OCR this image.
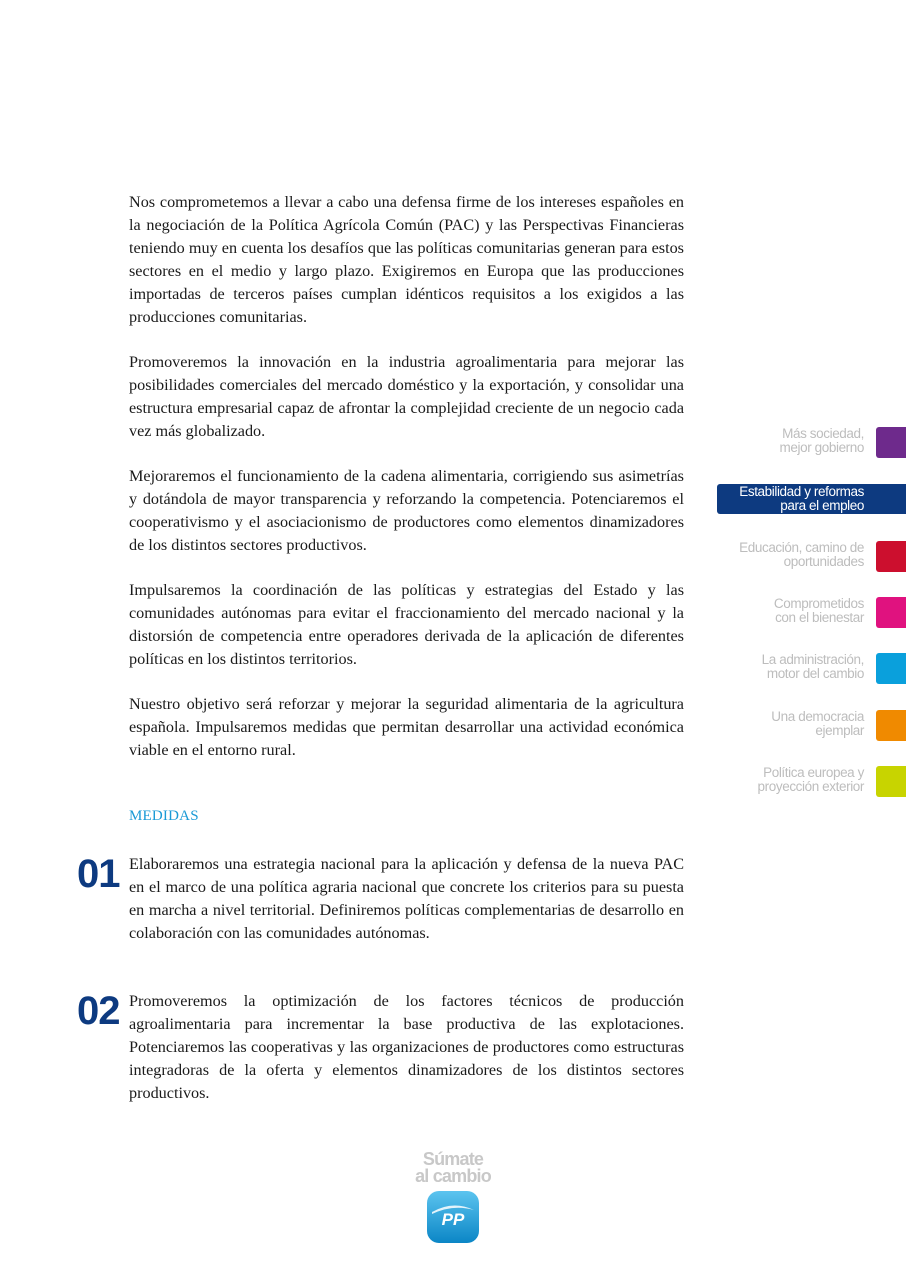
Nos comprometemos a llevar a cabo una defensa firme de los intereses españoles en la negociación de la Política Agrícola Común (PAC) y las Perspectivas Financieras teniendo muy en cuenta los desafíos que las políticas comunitarias generan para estos sectores en el medio y largo plazo. Exigiremos en Europa que las producciones importadas de terceros países cumplan idénticos requisitos a los exigidos a las producciones comunitarias.

Promoveremos la innovación en la industria agroalimentaria para mejorar las posibilidades comerciales del mercado doméstico y la exportación, y consolidar una estructura empresarial capaz de afrontar la complejidad creciente de un negocio cada vez más globalizado.

Mejoraremos el funcionamiento de la cadena alimentaria, corrigiendo sus asimetrías y dotándola de mayor transparencia y reforzando la competencia. Potenciaremos el cooperativismo y el asociacionismo de productores como elementos dinamizadores de los distintos sectores productivos.

Impulsaremos la coordinación de las políticas y estrategias del Estado y las comunidades autónomas para evitar el fraccionamiento del mercado nacional y la distorsión de competencia entre operadores derivada de la aplicación de diferentes políticas en los distintos territorios.

Nuestro objetivo será reforzar y mejorar la seguridad alimentaria de la agricultura española. Impulsaremos medidas que permitan desarrollar una actividad económica viable en el entorno rural.

MEDIDAS
01 Elaboraremos una estrategia nacional para la aplicación y defensa de la nueva PAC en el marco de una política agraria nacional que concrete los criterios para su puesta en marcha a nivel territorial. Definiremos políticas complementarias de desarrollo en colaboración con las comunidades autónomas.

02 Promoveremos la optimización de los factores técnicos de producción agroalimentaria para incrementar la base productiva de las explotaciones. Potenciaremos las cooperativas y las organizaciones de productores como estructuras integradoras de la oferta y elementos dinamizadores de los distintos sectores productivos.

Más sociedad,
mejor gobierno
Estabilidad y reformas
para el empleo
Educación, camino de
oportunidades
Comprometidos
con el bienestar
La administración,
motor del cambio
Una democracia
ejemplar
Política europea y
proyección exterior
Súmate
al cambio
PP
